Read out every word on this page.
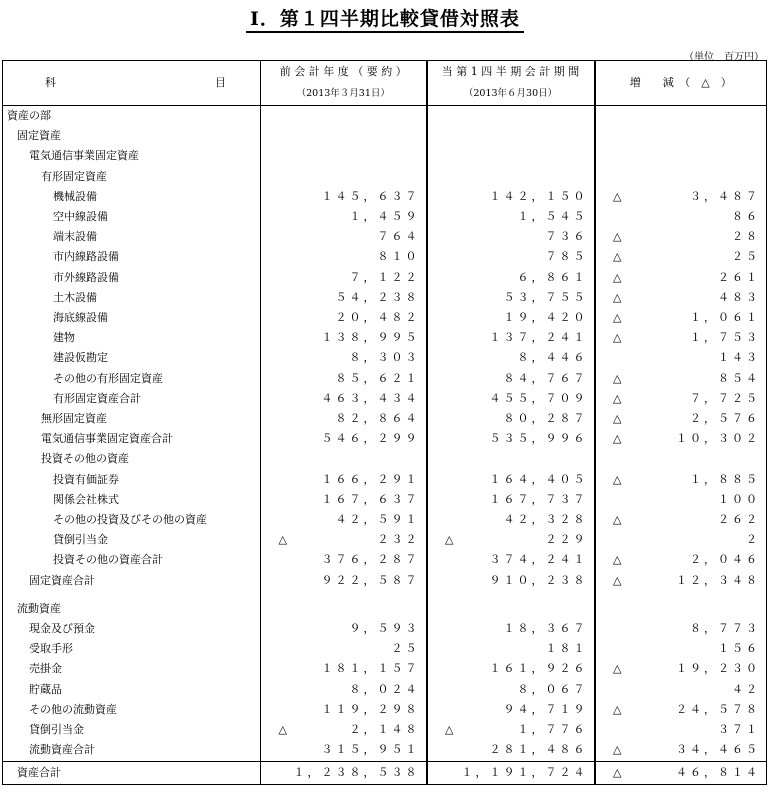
Ⅰ．第１四半期比較貸借対照表
（単位　百万円）
科 目	前 会 計 年 度 （ 要 約 ）	当 第 1 四 半 期 会 計 期 間	増　　減　（　△　）
	（2013年３月31日）	（2013年６月30日）	
資産の部			
固定資産			
電気通信事業固定資産			
有形固定資産			
機械設備	１４５，６３７	１４２，１５０	△ ３，４８７
空中線設備	１，４５９	１，５４５	８６
端末設備	７６４	７３６	△ ２８
市内線路設備	８１０	７８５	△ ２５
市外線路設備	７，１２２	６，８６１	△ ２６１
土木設備	５４，２３８	５３，７５５	△ ４８３
海底線設備	２０，４８２	１９，４２０	△ １，０６１
建物	１３８，９９５	１３７，２４１	△ １，７５３
建設仮勘定	８，３０３	８，４４６	１４３
その他の有形固定資産	８５，６２１	８４，７６７	△ ８５４
有形固定資産合計	４６３，４３４	４５５，７０９	△ ７，７２５
無形固定資産	８２，８６４	８０，２８７	△ ２，５７６
電気通信事業固定資産合計	５４６，２９９	５３５，９９６	△ １０，３０２
投資その他の資産			
投資有価証券	１６６，２９１	１６４，４０５	△ １，８８５
関係会社株式	１６７，６３７	１６７，７３７	１００
その他の投資及びその他の資産	４２，５９１	４２，３２８	△ ２６２
貸倒引当金	△ ２３２	△ ２２９	２
投資その他の資産合計	３７６，２８７	３７４，２４１	△ ２，０４６
固定資産合計	９２２，５８７	９１０，２３８	△ １２，３４８

流動資産			
現金及び預金	９，５９３	１８，３６７	８，７７３
受取手形	２５	１８１	１５６
売掛金	１８１，１５７	１６１，９２６	△ １９，２３０
貯蔵品	８，０２４	８，０６７	４２
その他の流動資産	１１９，２９８	９４，７１９	△ ２４，５７８
貸倒引当金	△ ２，１４８	△ １，７７６	３７１
流動資産合計	３１５，９５１	２８１，４８６	△ ３４，４６５
資産合計	１，２３８，５３８	１，１９１，７２４	△ ４６，８１４
